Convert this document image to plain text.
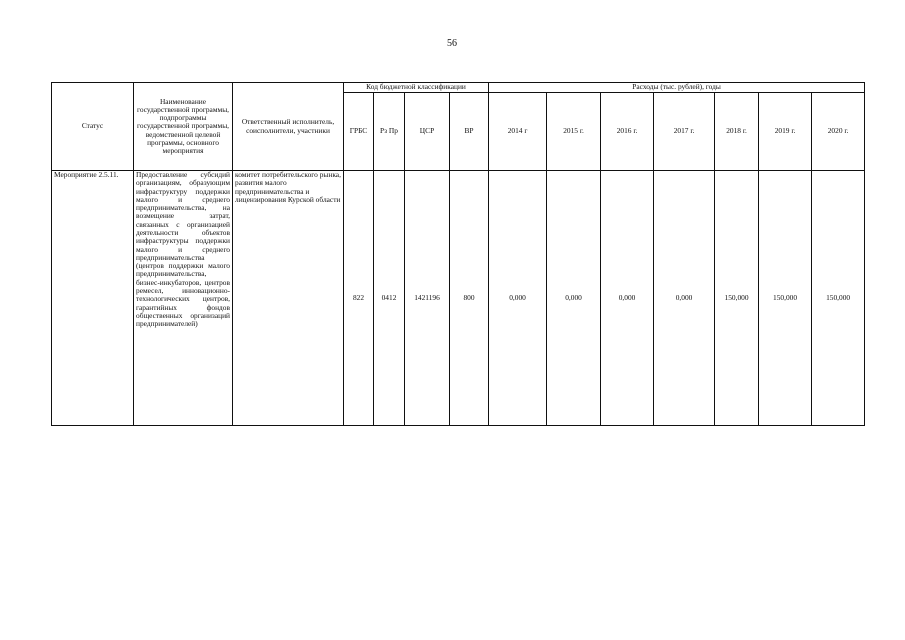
56
Статус	Наименование государственной программы, подпрограммы государственной программы, ведомственной целевой программы, основного мероприятия	Ответственный исполнитель, соисполнители, участники	Код бюджетной классификации				Расходы (тыс. рублей), годы						
			ГРБС	Рз Пр	ЦСР	ВР	2014 г	2015 г.	2016 г.	2017 г.	2018 г.	2019 г.	2020 г.
Мероприятие 2.5.11.	Предоставление субсидий организациям, образующим инфраструктуру поддержки малого и среднего предпринимательства, на возмещение затрат, связанных с организацией деятельности объектов инфраструктуры поддержки малого и среднего предпринимательства (центров поддержки малого предпринимательства, бизнес-инкубаторов, центров ремесел, инновационно-технологических центров, гарантийных фондов общественных организаций предпринимателей)	комитет потребительского рынка, развития малого предпринимательства и лицензирования Курской области	822	0412	1421196	800	0,000	0,000	0,000	0,000	150,000	150,000	150,000
